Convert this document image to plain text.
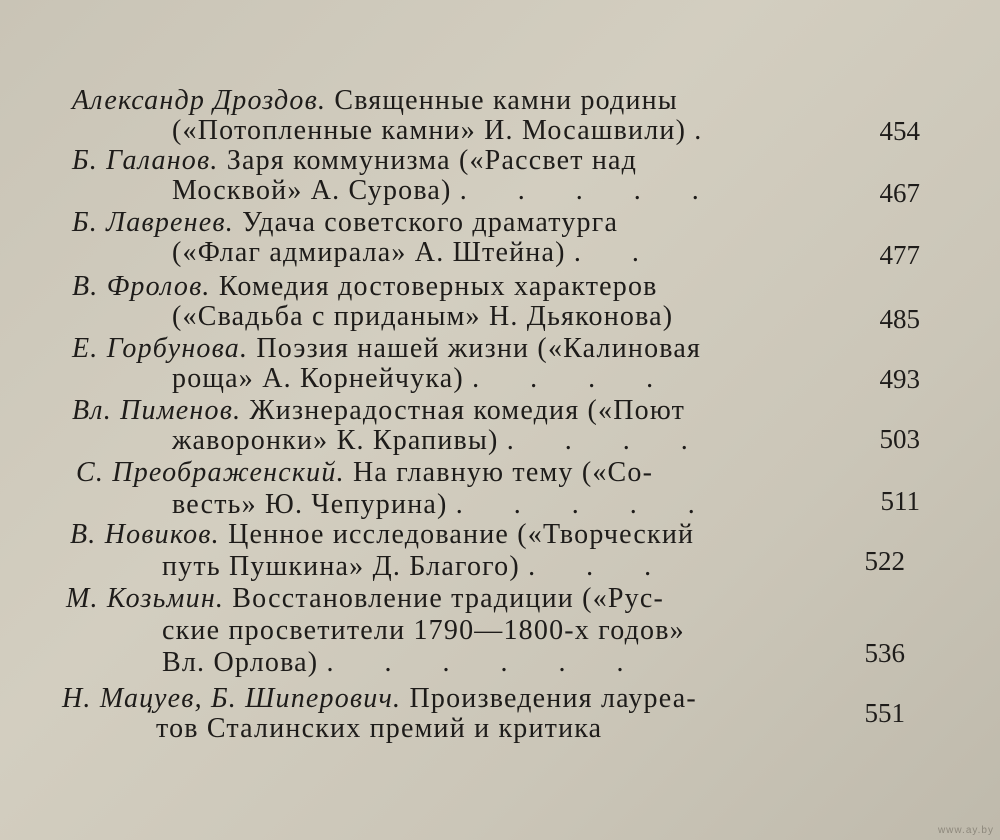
Александр Дроздов. Священные камни родины
(«Потопленные камни» И. Мосашвили) .	454
Б. Галанов. Заря коммунизма («Рассвет над
Москвой» А. Сурова) . . . . .	467
Б. Лавренев. Удача советского драматурга
(«Флаг адмирала» А. Штейна) . .	477
В. Фролов. Комедия достоверных характеров
(«Свадьба с приданым» Н. Дьяконова)	485
Е. Горбунова. Поэзия нашей жизни («Калиновая
роща» А. Корнейчука) . . . .	493
Вл. Пименов. Жизнерадостная комедия («Поют
жаворонки» К. Крапивы) . . . .	503
С. Преображенский. На главную тему («Со-
весть» Ю. Чепурина) . . . . .	511
В. Новиков. Ценное исследование («Творческий
путь Пушкина» Д. Благого) . . .	522
М. Козьмин. Восстановление традиции («Рус-
ские просветители 1790—1800-х годов»
Вл. Орлова) . . . . . .	536
Н. Мацуев, Б. Шиперович. Произведения лауреа-
тов Сталинских премий и критика	551
www.ay.by
